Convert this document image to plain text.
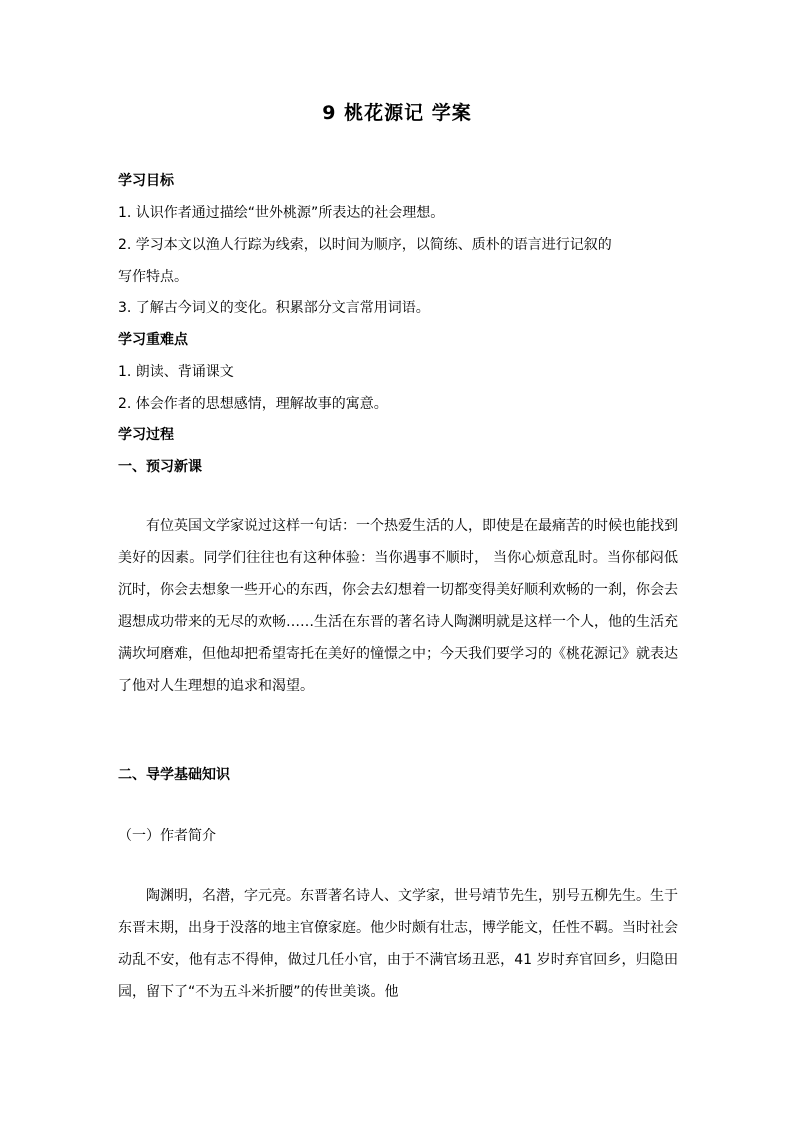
9 桃花源记 学案

学习目标

1. 认识作者通过描绘“世外桃源”所表达的社会理想。

2. 学习本文以渔人行踪为线索，以时间为顺序，以简练、质朴的语言进行记叙的

写作特点。

3. 了解古今词义的变化。积累部分文言常用词语。

学习重难点

1. 朗读、背诵课文

2. 体会作者的思想感情，理解故事的寓意。

学习过程

一、预习新课

有位英国文学家说过这样一句话：一个热爱生活的人，即使是在最痛苦的时候也能找到美好的因素。同学们往往也有这种体验：当你遇事不顺时， 当你心烦意乱时。当你郁闷低沉时，你会去想象一些开心的东西，你会去幻想着一切都变得美好顺利欢畅的一刹，你会去遐想成功带来的无尽的欢畅……生活在东晋的著名诗人陶渊明就是这样一个人，他的生活充满坎坷磨难，但他却把希望寄托在美好的憧憬之中；今天我们要学习的《桃花源记》就表达了他对人生理想的追求和渴望。

二、导学基础知识

（一）作者简介

陶渊明，名潜，字元亮。东晋著名诗人、文学家，世号靖节先生，别号五柳先生。生于东晋末期，出身于没落的地主官僚家庭。他少时颇有壮志，博学能文，任性不羁。当时社会动乱不安，他有志不得伸，做过几任小官，由于不满官场丑恶，41 岁时弃官回乡，归隐田园，留下了“不为五斗米折腰”的传世美谈。他
